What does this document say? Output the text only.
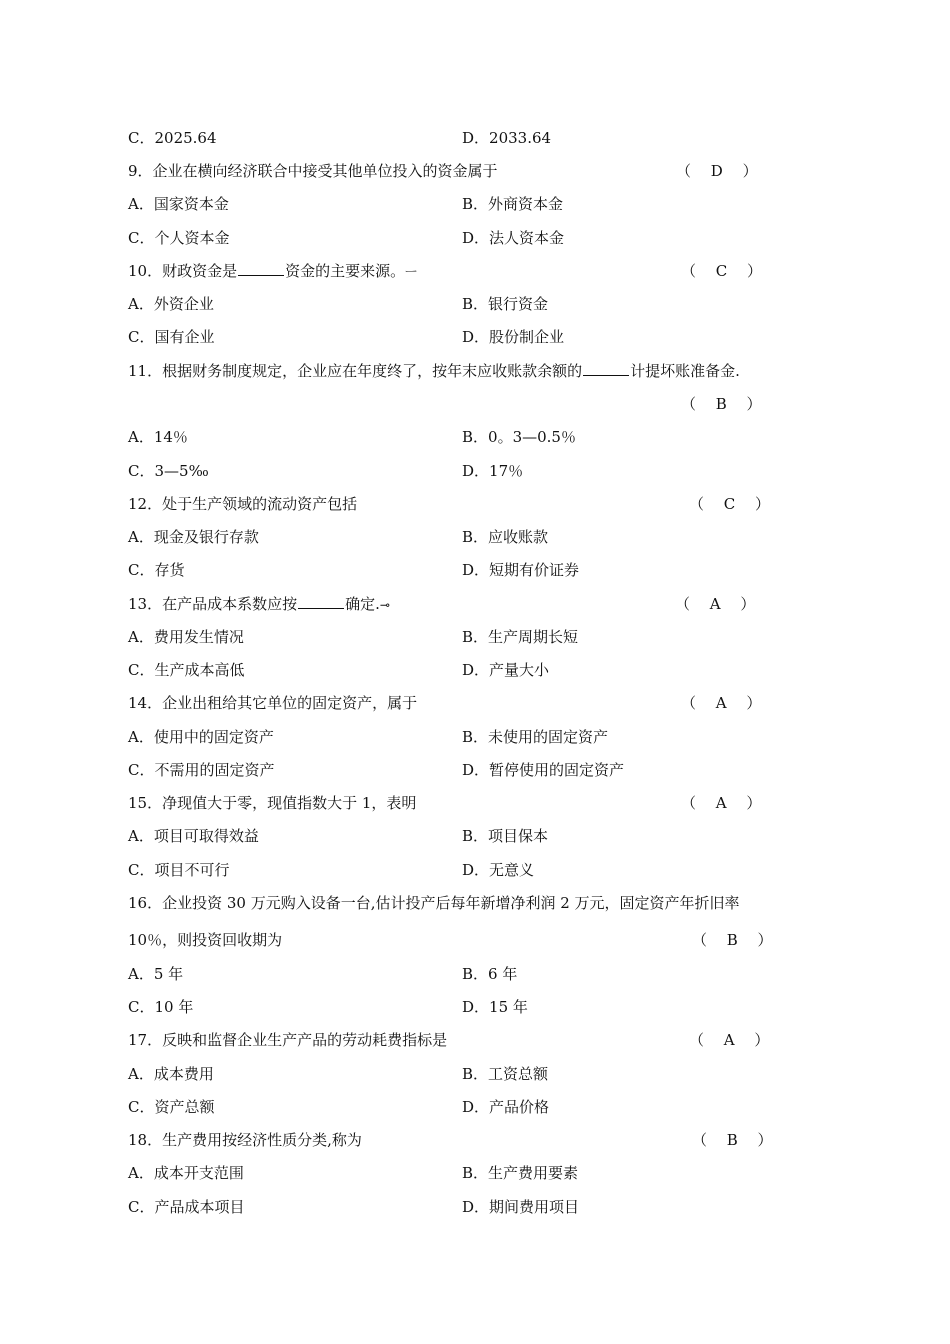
C．2025.64	D．2033.64
9．企业在横向经济联合中接受其他单位投入的资金属于	（　 D　 ）
A．国家资本金	B．外商资本金
C．个人资本金	D．法人资本金
10．财政资金是	资金的主要来源。ㅡ	（　 C　 ）
A．外资企业	B．银行资金
C．国有企业	D．股份制企业
11．根据财务制度规定，企业应在年度终了，按年末应收账款余额的	计提坏账准备金.
（　 B　 ）
A．14％	B．0。3—0.5％
C．3—5‰	D．17％
12．处于生产领域的流动资产包括	（　 C　 ）
A．现金及银行存款	B．应收账款
C．存货	D．短期有价证券
13．在产品成本系数应按	确定.⊸	（　 A　 ）
A．费用发生情况	B．生产周期长短
C．生产成本高低	D．产量大小
14．企业出租给其它单位的固定资产，属于	（　 A　 ）
A．使用中的固定资产	B．未使用的固定资产
C．不需用的固定资产	D．暂停使用的固定资产
15．净现值大于零，现值指数大于 1，表明	（　 A　 ）
A．项目可取得效益	B．项目保本
C．项目不可行	D．无意义
16．企业投资 30 万元购入设备一台,估计投产后每年新增净利润 2 万元，固定资产年折旧率
10％，则投资回收期为	（　 B　 ）
A．5 年	B．6 年
C．10 年	D．15 年
17．反映和监督企业生产产品的劳动耗费指标是	（　 A　 ）
A．成本费用	B．工资总额
C．资产总额	D．产品价格
18．生产费用按经济性质分类,称为	（　 B　 ）
A．成本开支范围	B．生产费用要素
C．产品成本项目	D．期间费用项目
